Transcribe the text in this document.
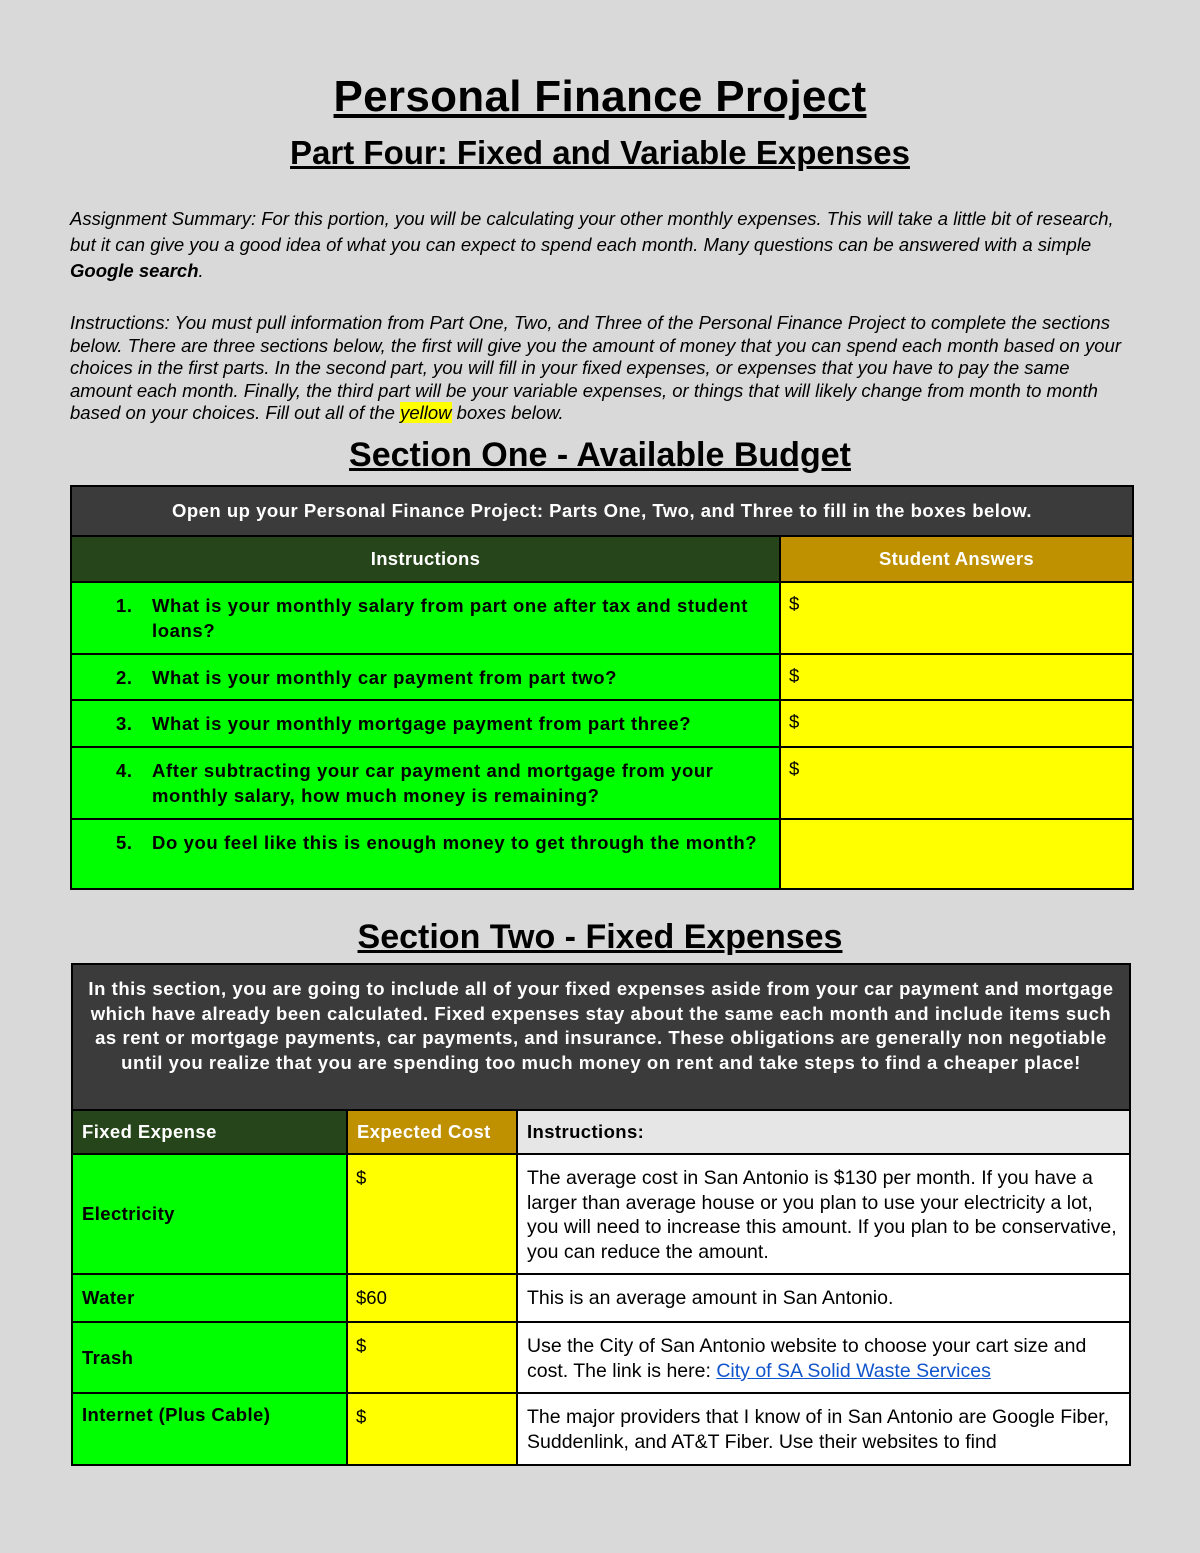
Personal Finance Project
Part Four: Fixed and Variable Expenses
Assignment Summary: For this portion, you will be calculating your other monthly expenses. This will take a little bit of research, but it can give you a good idea of what you can expect to spend each month. Many questions can be answered with a simple Google search.
Instructions: You must pull information from Part One, Two, and Three of the Personal Finance Project to complete the sections below. There are three sections below, the first will give you the amount of money that you can spend each month based on your choices in the first parts. In the second part, you will fill in your fixed expenses, or expenses that you have to pay the same amount each month. Finally, the third part will be your variable expenses, or things that will likely change from month to month based on your choices. Fill out all of the yellow boxes below.
Section One - Available Budget
Open up your Personal Finance Project: Parts One, Two, and Three to fill in the boxes below.	
Instructions	Student Answers

1. What is your monthly salary from part one after tax and student loans?	$

2. What is your monthly car payment from part two?	$

3. What is your monthly mortgage payment from part three?	$

4. After subtracting your car payment and mortgage from your monthly salary, how much money is remaining?	$

5. Do you feel like this is enough money to get through the month?	

Section Two - Fixed Expenses
In this section, you are going to include all of your fixed expenses aside from your car payment and mortgage which have already been calculated. Fixed expenses stay about the same each month and include items such as rent or mortgage payments, car payments, and insurance. These obligations are generally non negotiable until you realize that you are spending too much money on rent and take steps to find a cheaper place!		
Fixed Expense	Expected Cost	Instructions:
Electricity	$	The average cost in San Antonio is $130 per month. If you have a larger than average house or you plan to use your electricity a lot, you will need to increase this amount. If you plan to be conservative, you can reduce the amount.
Water	$60	This is an average amount in San Antonio.
Trash	$	Use the City of San Antonio website to choose your cart size and cost. The link is here: City of SA Solid Waste Services
Internet (Plus Cable)	$	The major providers that I know of in San Antonio are Google Fiber, Suddenlink, and AT&T Fiber. Use their websites to find
